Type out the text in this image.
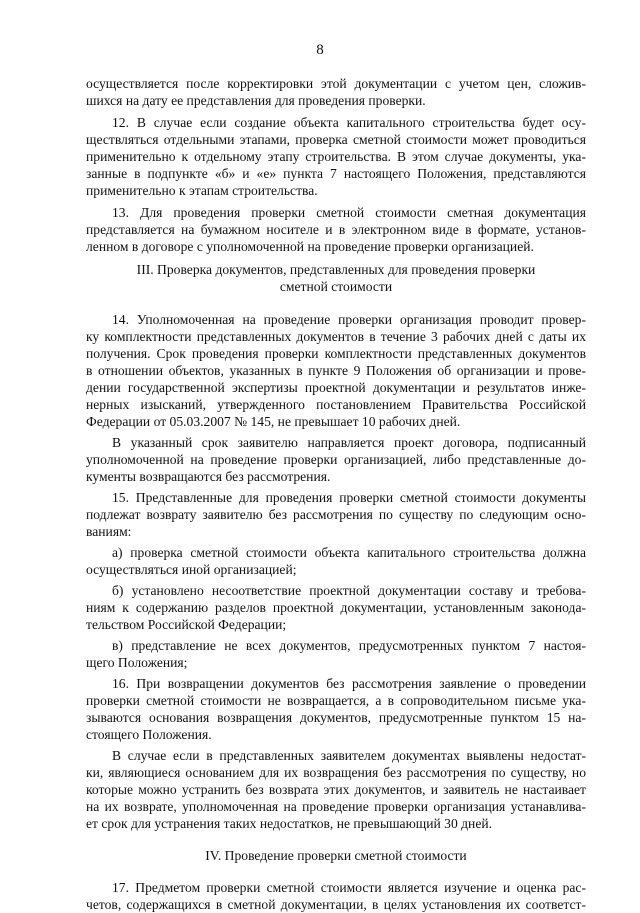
8
осуществляется после корректировки этой документации с учетом цен, сложив-
шихся на дату ее представления для проведения проверки.
12. В случае если создание объекта капитального строительства будет осу-
ществляться отдельными этапами, проверка сметной стоимости может проводиться
применительно к отдельному этапу строительства. В этом случае документы, ука-
занные в подпункте «б» и «е» пункта 7 настоящего Положения, представляются
применительно к этапам строительства.
13. Для проведения проверки сметной стоимости сметная документация
представляется на бумажном носителе и в электронном виде в формате, установ-
ленном в договоре с уполномоченной на проведение проверки организацией.
III. Проверка документов, представленных для проведения проверки
сметной стоимости
14. Уполномоченная на проведение проверки организация проводит провер-
ку комплектности представленных документов в течение 3 рабочих дней с даты их
получения. Срок проведения проверки комплектности представленных документов
в отношении объектов, указанных в пункте 9 Положения об организации и прове-
дении государственной экспертизы проектной документации и результатов инже-
нерных изысканий, утвержденного постановлением Правительства Российской
Федерации от 05.03.2007 № 145, не превышает 10 рабочих дней.
В указанный срок заявителю направляется проект договора, подписанный
уполномоченной на проведение проверки организацией, либо представленные до-
кументы возвращаются без рассмотрения.
15. Представленные для проведения проверки сметной стоимости документы
подлежат возврату заявителю без рассмотрения по существу по следующим осно-
ваниям:
а) проверка сметной стоимости объекта капитального строительства должна
осуществляться иной организацией;
б) установлено несоответствие проектной документации составу и требова-
ниям к содержанию разделов проектной документации, установленным законода-
тельством Российской Федерации;
в) представление не всех документов, предусмотренных пунктом 7 настоя-
щего Положения;
16. При возвращении документов без рассмотрения заявление о проведении
проверки сметной стоимости не возвращается, а в сопроводительном письме ука-
зываются основания возвращения документов, предусмотренные пунктом 15 на-
стоящего Положения.
В случае если в представленных заявителем документах выявлены недостат-
ки, являющиеся основанием для их возвращения без рассмотрения по существу, но
которые можно устранить без возврата этих документов, и заявитель не настаивает
на их возврате, уполномоченная на проведение проверки организация устанавлива-
ет срок для устранения таких недостатков, не превышающий 30 дней.
IV. Проведение проверки сметной стоимости
17. Предметом проверки сметной стоимости является изучение и оценка рас-
четов, содержащихся в сметной документации, в целях установления их соответст-
